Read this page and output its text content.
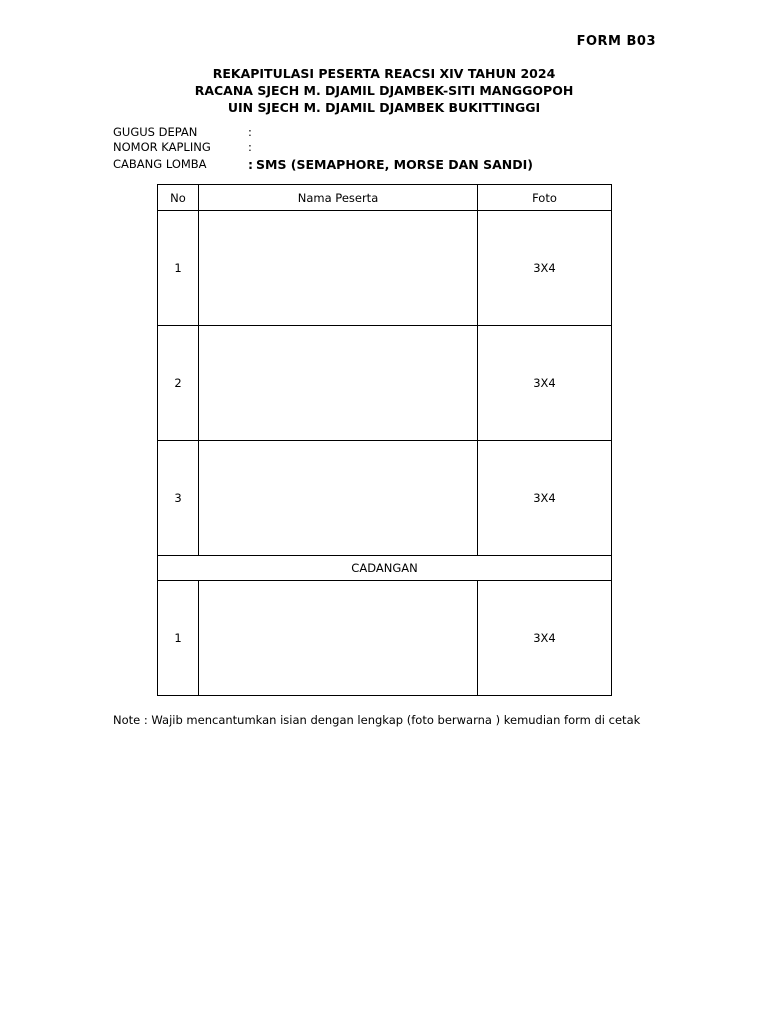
FORM B03
REKAPITULASI PESERTA REACSI XIV TAHUN 2024
RACANA SJECH M. DJAMIL DJAMBEK-SITI MANGGOPOH
UIN SJECH M. DJAMIL DJAMBEK BUKITTINGGI
GUGUS DEPAN	:
NOMOR KAPLING	:
CABANG LOMBA	: SMS (SEMAPHORE, MORSE DAN SANDI)
No	Nama Peserta	Foto
1		3X4
2		3X4
3		3X4
CADANGAN		
1		3X4
Note : Wajib mencantumkan isian dengan lengkap (foto berwarna ) kemudian form di cetak
